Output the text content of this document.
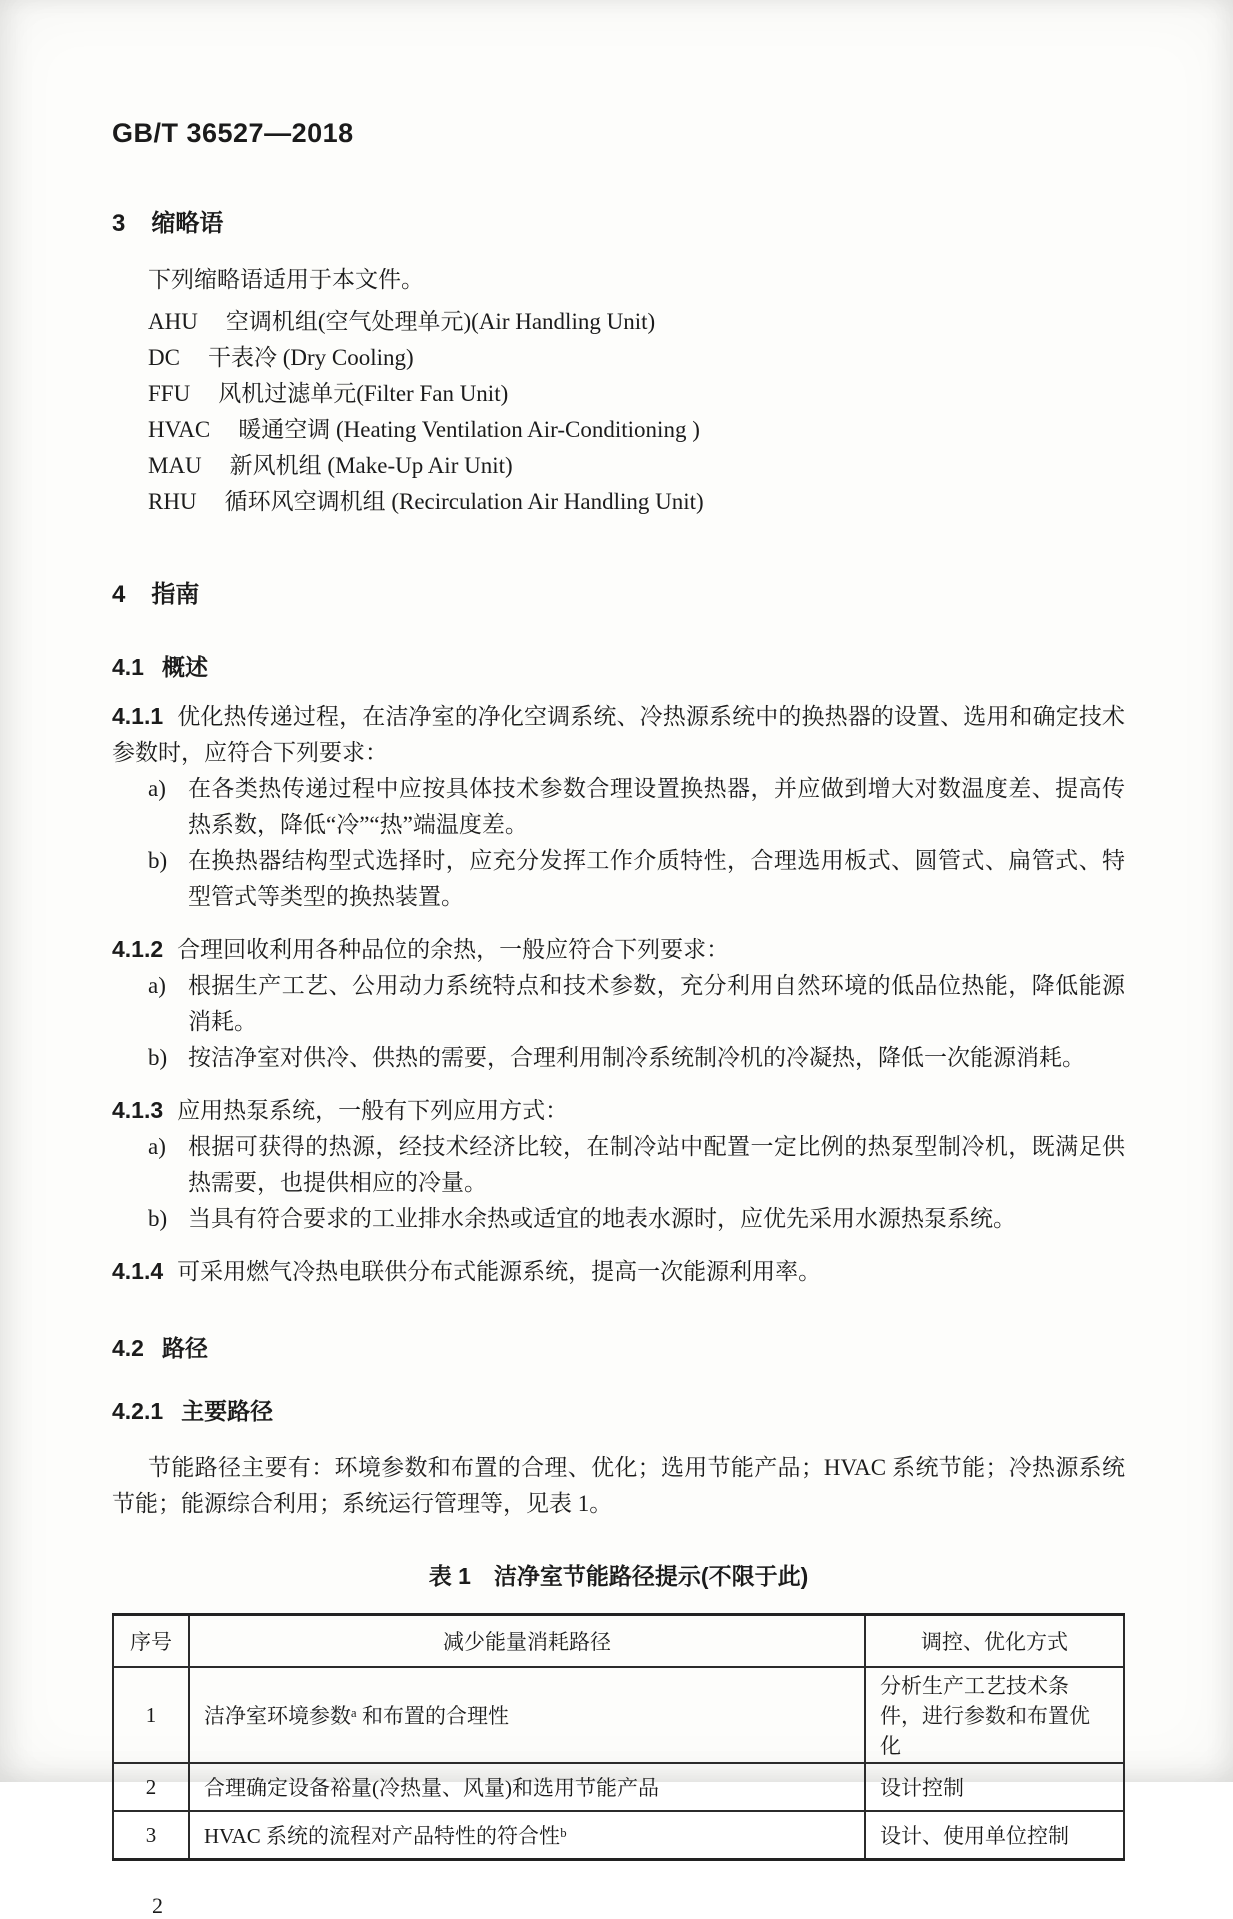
GB/T 36527—2018
3 缩略语

下列缩略语适用于本文件。

AHU 空调机组(空气处理单元)(Air Handling Unit)
DC 干表冷 (Dry Cooling)
FFU 风机过滤单元(Filter Fan Unit)
HVAC 暖通空调 (Heating Ventilation Air-Conditioning )
MAU 新风机组 (Make-Up Air Unit)
RHU 循环风空调机组 (Recirculation Air Handling Unit)
4 指南
4.1 概述

4.1.1 优化热传递过程，在洁净室的净化空调系统、冷热源系统中的换热器的设置、选用和确定技术参数时，应符合下列要求：

a) 在各类热传递过程中应按具体技术参数合理设置换热器，并应做到增大对数温度差、提高传热系数，降低“冷”“热”端温度差。
b) 在换热器结构型式选择时，应充分发挥工作介质特性，合理选用板式、圆管式、扁管式、特型管式等类型的换热装置。

4.1.2 合理回收利用各种品位的余热，一般应符合下列要求：

a) 根据生产工艺、公用动力系统特点和技术参数，充分利用自然环境的低品位热能，降低能源消耗。
b) 按洁净室对供冷、供热的需要，合理利用制冷系统制冷机的冷凝热，降低一次能源消耗。

4.1.3 应用热泵系统，一般有下列应用方式：

a) 根据可获得的热源，经技术经济比较，在制冷站中配置一定比例的热泵型制冷机，既满足供热需要，也提供相应的冷量。
b) 当具有符合要求的工业排水余热或适宜的地表水源时，应优先采用水源热泵系统。

4.1.4 可采用燃气冷热电联供分布式能源系统，提高一次能源利用率。

4.2 路径
4.2.1 主要路径

节能路径主要有：环境参数和布置的合理、优化；选用节能产品；HVAC 系统节能；冷热源系统节能；能源综合利用；系统运行管理等，见表 1。

表 1　洁净室节能路径提示(不限于此)
序号	减少能量消耗路径	调控、优化方式
1	洁净室环境参数ᵃ 和布置的合理性	分析生产工艺技术条件，进行参数和布置优化
2	合理确定设备裕量(冷热量、风量)和选用节能产品	设计控制
3	HVAC 系统的流程对产品特性的符合性ᵇ	设计、使用单位控制
2
